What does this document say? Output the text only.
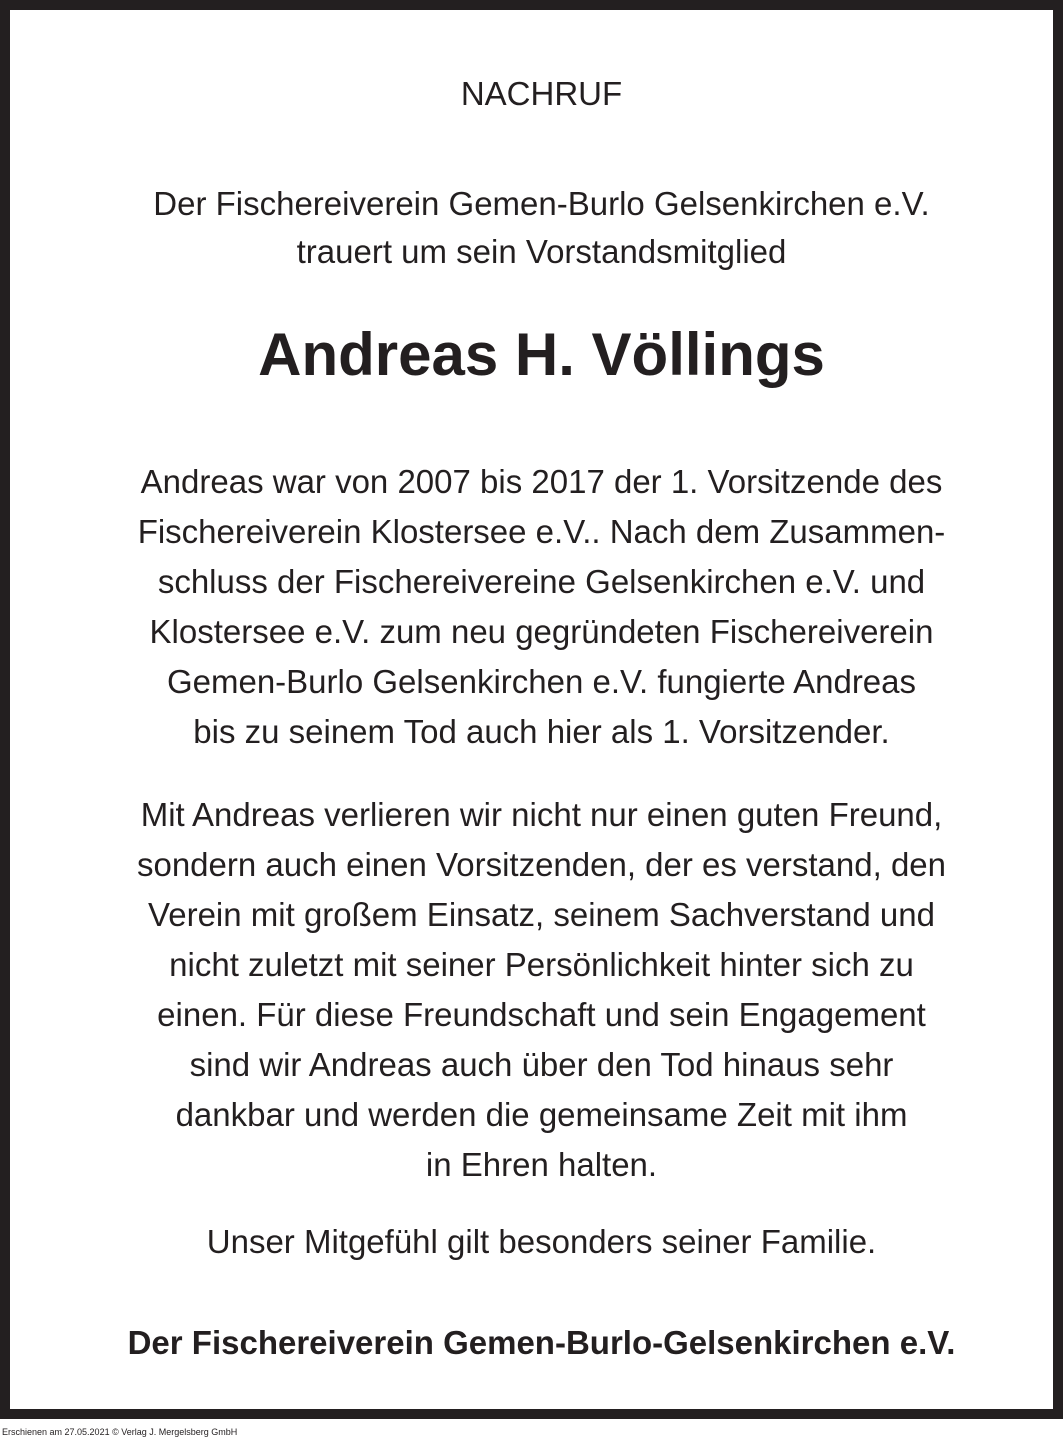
NACHRUF

Der Fischereiverein Gemen-Burlo Gelsenkirchen e.V.
trauert um sein Vorstandsmitglied
Andreas H. Völlings
Andreas war von 2007 bis 2017 der 1. Vorsitzende des
Fischereiverein Klostersee e.V.. Nach dem Zusammen-
schluss der Fischereivereine Gelsenkirchen e.V. und
Klostersee e.V. zum neu gegründeten Fischereiverein
Gemen-Burlo Gelsenkirchen e.V. fungierte Andreas
bis zu seinem Tod auch hier als 1. Vorsitzender.
Mit Andreas verlieren wir nicht nur einen guten Freund,
sondern auch einen Vorsitzenden, der es verstand, den
Verein mit großem Einsatz, seinem Sachverstand und
nicht zuletzt mit seiner Persönlichkeit hinter sich zu
einen. Für diese Freundschaft und sein Engagement
sind wir Andreas auch über den Tod hinaus sehr
dankbar und werden die gemeinsame Zeit mit ihm
in Ehren halten.

Unser Mitgefühl gilt besonders seiner Familie.

Der Fischereiverein Gemen-Burlo-Gelsenkirchen e.V.

Erschienen am 27.05.2021 © Verlag J. Mergelsberg GmbH
